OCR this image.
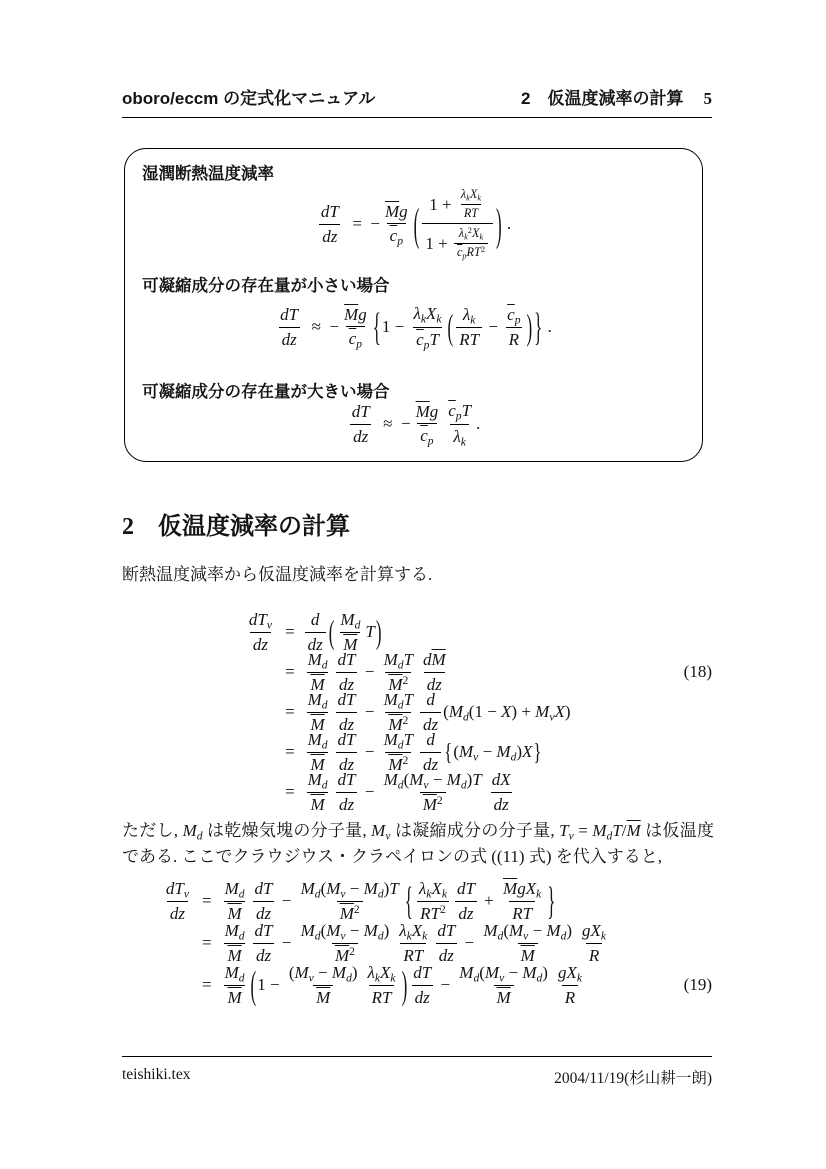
oboro/eccm の定式化マニュアル	2　仮温度減率の計算 5
湿潤断熱温度減率
$\frac{dT}{dz}$ =  − $\frac{\overline{M}g}{\overline{c}_p}$ ( $\frac{1 + \frac{\lambda_kX_k}{RT}}{1 + \frac{\lambda_k^2X_k}{\overline{c}_pRT^2}}$ ) .
可凝縮成分の存在量が小さい場合
$\frac{dT}{dz}$ ≈  − $\frac{\overline{M}g}{\overline{c}_p}$ { $1 - \frac{\lambda_kX_k}{\overline{c}_pT}$ ( $\frac{\lambda_k}{RT} - \frac{\overline{c}_p}{R}$ ) } .
可凝縮成分の存在量が大きい場合
$\frac{dT}{dz}$ ≈  − $\frac{\overline{M}g}{\overline{c}_p} \frac{\overline{c}_pT}{\lambda_k}$ .
2 仮温度減率の計算
断熱温度減率から仮温度減率を計算する.
$\frac{dT_v}{dz} = \frac{d}{dz}$ ( $\frac{M_d}{M}$ T )
= $\frac{M_d}{M} \frac{dT}{dz} - \frac{M_dT}{\overline{M}^2} \frac{d\overline{M}}{dz}$	(18)
= $\frac{M_d}{M} \frac{dT}{dz} - \frac{M_dT}{\overline{M}^2} \frac{d}{dz} (M_d(1 - X) + M_vX)$
= $\frac{M_d}{M} \frac{dT}{dz} - \frac{M_dT}{\overline{M}^2} \frac{d}{dz}$ { $(M_v - M_d)X$ }
= $\frac{M_d}{M} \frac{dT}{dz} - \frac{M_d(M_v - M_d)T}{\overline{M}^2} \frac{dX}{dz}$
ただし, $M_d$ は乾燥気塊の分子量, $M_v$ は凝縮成分の分子量, $T_v = M_dT/\overline{M}$ は仮温度である. ここでクラウジウス・クラペイロンの式 ((11) 式) を代入すると,
$\frac{dT_v}{dz} = \frac{M_d}{M} \frac{dT}{dz} - \frac{M_d(M_v - M_d)T}{\overline{M}^2}$ { $\frac{\lambda_kX_k}{RT^2} \frac{dT}{dz} + \frac{\overline{M}gX_k}{RT}$ }
= $\frac{M_d}{M} \frac{dT}{dz} - \frac{M_d(M_v - M_d)}{\overline{M}^2} \frac{\lambda_kX_k}{RT} \frac{dT}{dz} - \frac{M_d(M_v - M_d)}{M} \frac{gX_k}{R}$
= $\frac{M_d}{M}$ ( $1 - \frac{(M_v - M_d)}{M} \frac{\lambda_kX_k}{RT}$ ) $\frac{dT}{dz} - \frac{M_d(M_v - M_d)}{M} \frac{gX_k}{R}$	(19)
teishiki.tex	2004/11/19(杉山耕一朗)
